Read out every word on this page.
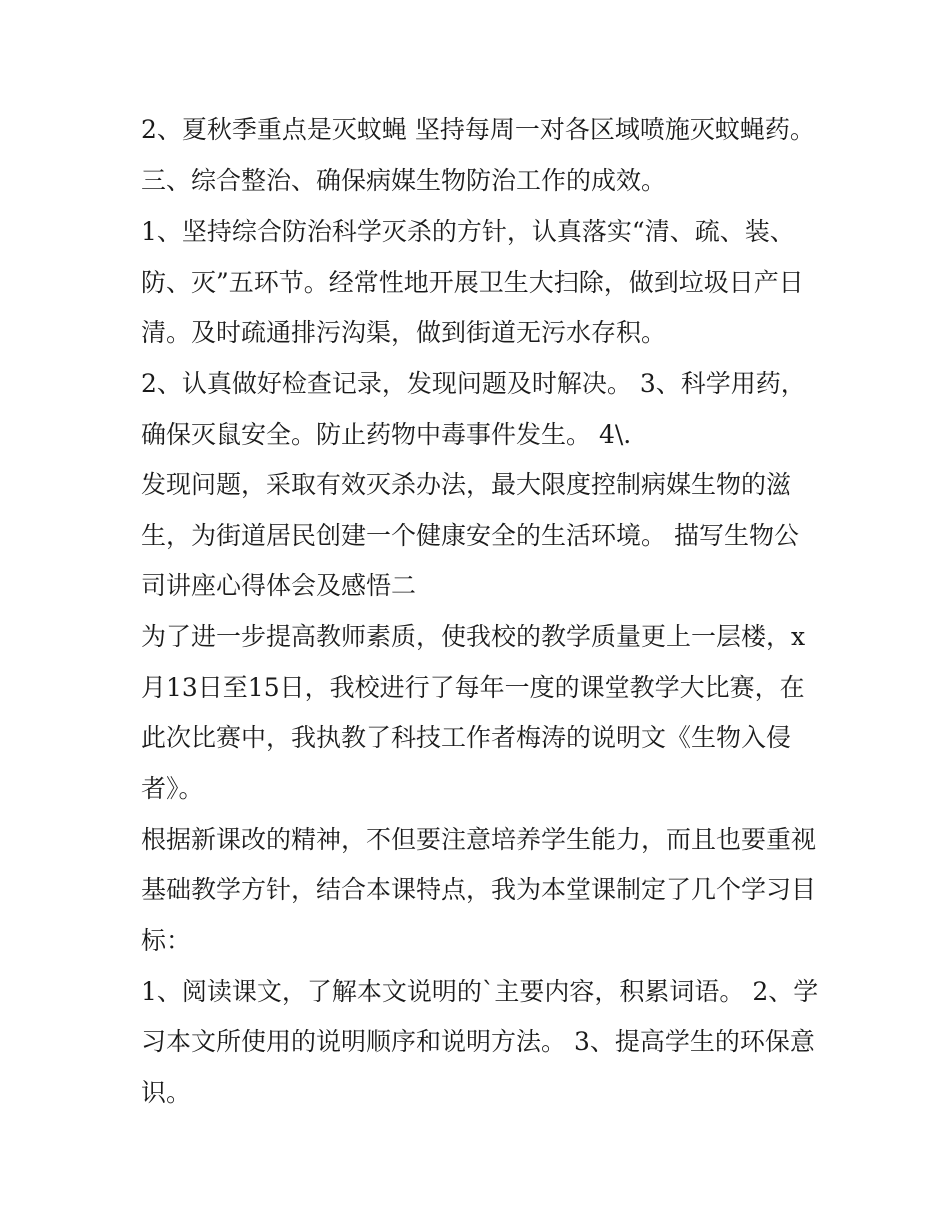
2、夏秋季重点是灭蚊蝇 坚持每周一对各区域喷施灭蚊蝇药。

三、综合整治、确保病媒生物防治工作的成效。

1、坚持综合防治科学灭杀的方针，认真落实“清、疏、装、

防、灭”五环节。经常性地开展卫生大扫除，做到垃圾日产日

清。及时疏通排污沟渠，做到街道无污水存积。

2、认真做好检查记录，发现问题及时解决。 3、科学用药，

确保灭鼠安全。防止药物中毒事件发生。 4\.

发现问题，采取有效灭杀办法，最大限度控制病媒生物的滋

生，为街道居民创建一个健康安全的生活环境。 描写生物公

司讲座心得体会及感悟二

为了进一步提高教师素质，使我校的教学质量更上一层楼，x

月13日至15日，我校进行了每年一度的课堂教学大比赛，在

此次比赛中，我执教了科技工作者梅涛的说明文《生物入侵

者》。

根据新课改的精神，不但要注意培养学生能力，而且也要重视

基础教学方针，结合本课特点，我为本堂课制定了几个学习目

标：

1、阅读课文，了解本文说明的`主要内容，积累词语。 2、学

习本文所使用的说明顺序和说明方法。 3、提高学生的环保意

识。
